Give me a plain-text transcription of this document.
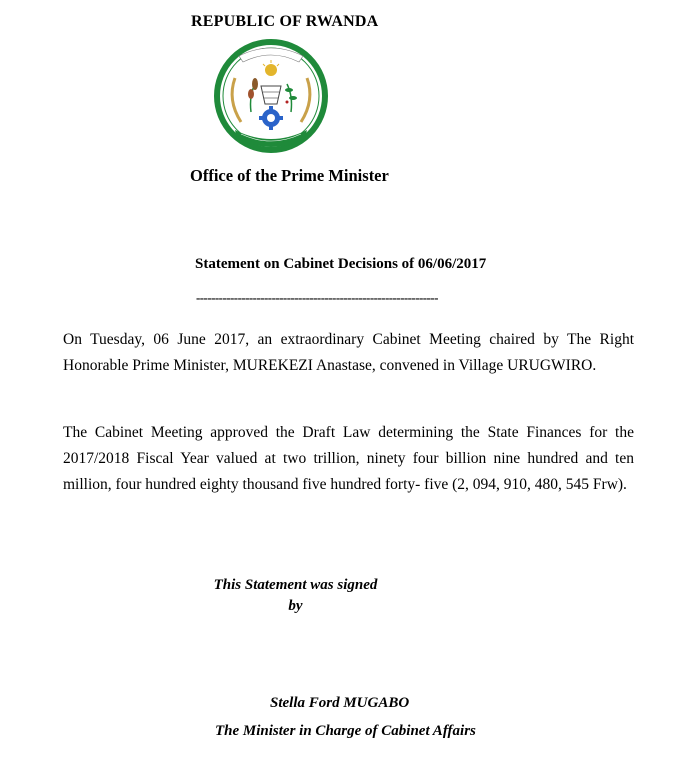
REPUBLIC OF RWANDA
Office of the Prime Minister
Statement on Cabinet Decisions of 06/06/2017
----------------------------------------------------------------

On Tuesday, 06 June 2017, an extraordinary Cabinet Meeting chaired by The Right Honorable Prime Minister, MUREKEZI Anastase, convened in Village URUGWIRO.

The Cabinet Meeting approved the Draft Law determining the State Finances for the 2017/2018 Fiscal Year valued at two trillion, ninety four billion nine hundred and ten million, four hundred eighty thousand five hundred forty- five (2, 094, 910, 480, 545 Frw).

This Statement was signed
by
Stella Ford MUGABO
The Minister in Charge of Cabinet Affairs
